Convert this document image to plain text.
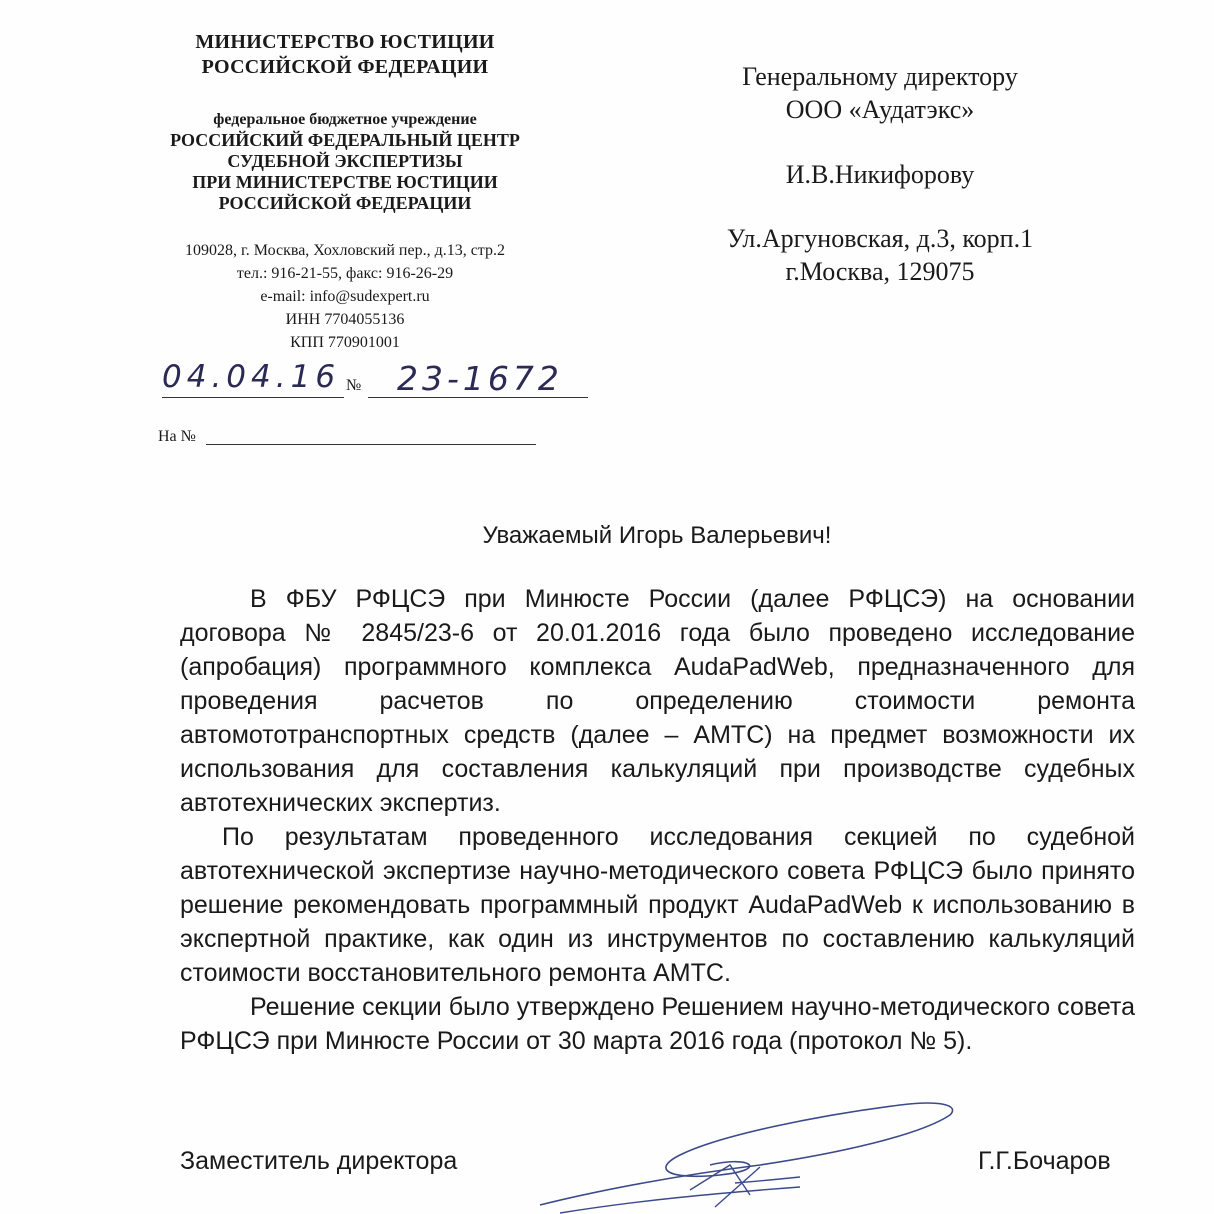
МИНИСТЕРСТВО ЮСТИЦИИ
РОССИЙСКОЙ ФЕДЕРАЦИИ
федеральное бюджетное учреждение
РОССИЙСКИЙ ФЕДЕРАЛЬНЫЙ ЦЕНТР
СУДЕБНОЙ ЭКСПЕРТИЗЫ
ПРИ МИНИСТЕРСТВЕ ЮСТИЦИИ
РОССИЙСКОЙ ФЕДЕРАЦИИ
109028, г. Москва, Хохловский пер., д.13, стр.2
тел.: 916-21-55, факс: 916-26-29
e-mail: info@sudexpert.ru
ИНН 7704055136
КПП 770901001
04.04.16 № 23-1672
На №
Генеральному директору
ООО «Аудатэкс»
И.В.Никифорову
Ул.Аргуновская, д.3, корп.1
г.Москва, 129075
Уважаемый Игорь Валерьевич!

В ФБУ РФЦСЭ при Минюсте России (далее РФЦСЭ) на основании договора № 2845/23-6 от 20.01.2016 года было проведено исследование (апробация) программного комплекса AudaPadWeb, предназначенного для проведения расчетов по определению стоимости ремонта автомототранспортных средств (далее – АМТС) на предмет возможности их использования для составления калькуляций при производстве судебных автотехнических экспертиз.

По результатам проведенного исследования секцией по судебной автотехнической экспертизе научно-методического совета РФЦСЭ было принято решение рекомендовать программный продукт AudaPadWeb к использованию в экспертной практике, как один из инструментов по составлению калькуляций стоимости восстановительного ремонта АМТС.

Решение секции было утверждено Решением научно-методического совета РФЦСЭ при Минюсте России от 30 марта 2016 года (протокол № 5).

Заместитель директора	Г.Г.Бочаров
